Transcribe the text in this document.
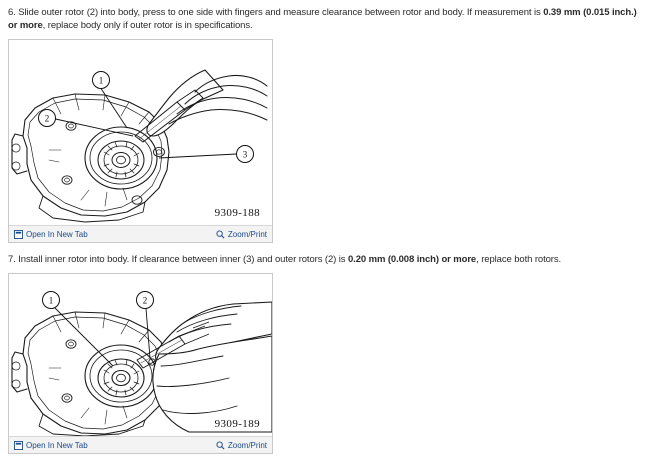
6. Slide outer rotor (2) into body, press to one side with fingers and measure clearance between rotor and body. If measurement is 0.39 mm (0.015 inch.) or more, replace body only if outer rotor is in specifications.

1
2
3
9309-188
Open In New Tab	Zoom/Print

7. Install inner rotor into body. If clearance between inner (3) and outer rotors (2) is 0.20 mm (0.008 inch) or more, replace both rotors.

1	2
9309-189
Open In New Tab	Zoom/Print
